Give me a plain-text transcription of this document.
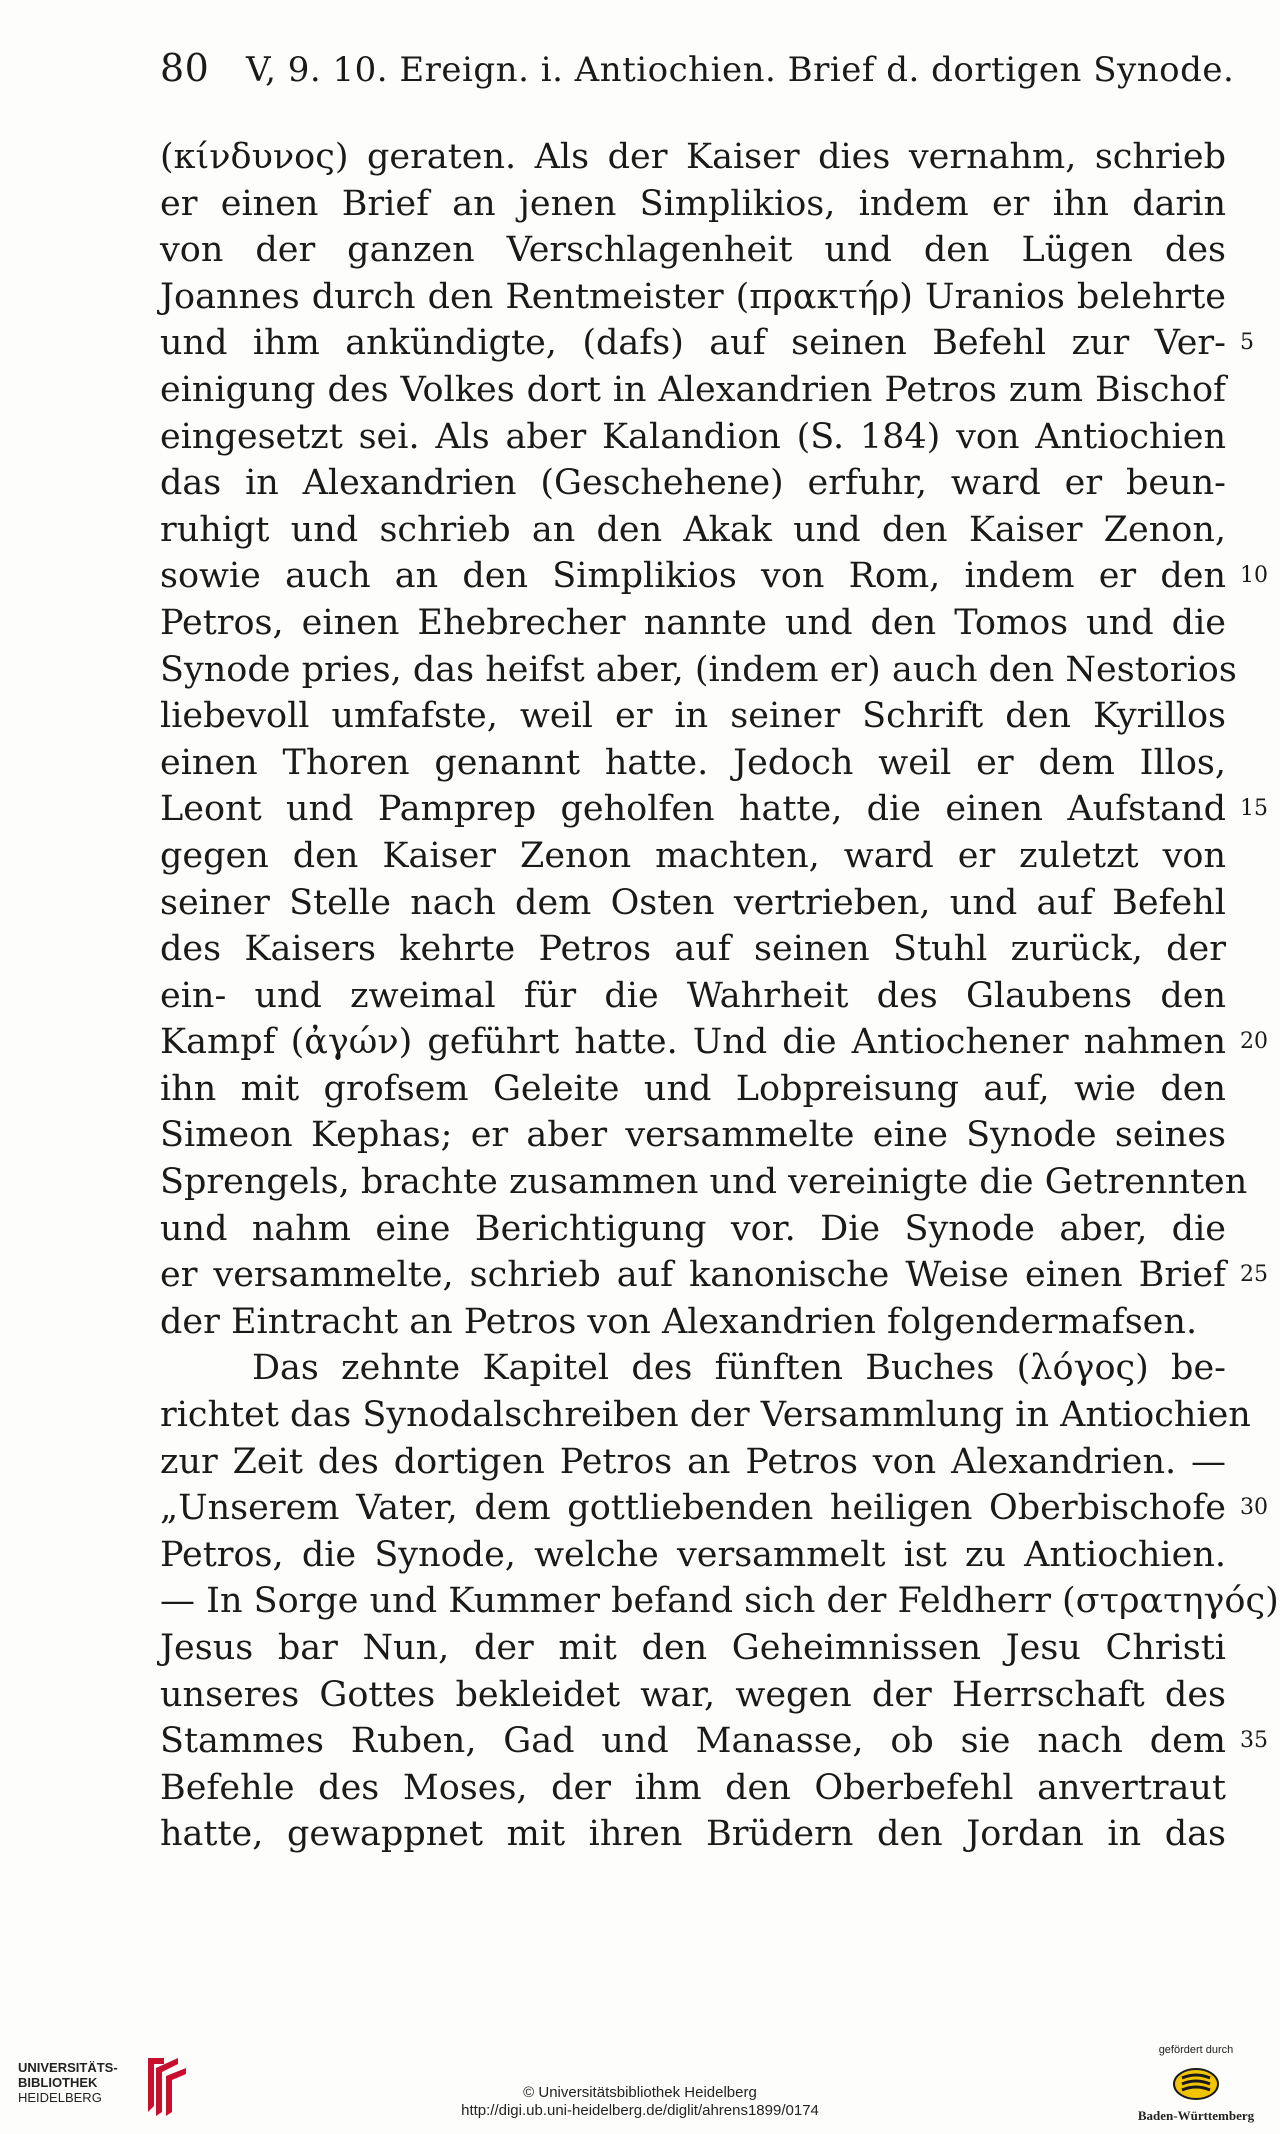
80 V, 9. 10. Ereign. i. Antiochien. Brief d. dortigen Synode.
(κίνδυνος) geraten. Als der Kaiser dies vernahm, schrieb
er einen Brief an jenen Simplikios, indem er ihn darin
von der ganzen Verschlagenheit und den Lügen des
Joannes durch den Rentmeister (πρακτήρ) Uranios belehrte
und ihm ankündigte, (dafs) auf seinen Befehl zur Ver- 5
einigung des Volkes dort in Alexandrien Petros zum Bischof
eingesetzt sei. Als aber Kalandion (S. 184) von Antiochien
das in Alexandrien (Geschehene) erfuhr, ward er beun-
ruhigt und schrieb an den Akak und den Kaiser Zenon,
sowie auch an den Simplikios von Rom, indem er den 10
Petros, einen Ehebrecher nannte und den Tomos und die
Synode pries, das heifst aber, (indem er) auch den Nestorios
liebevoll umfafste, weil er in seiner Schrift den Kyrillos
einen Thoren genannt hatte. Jedoch weil er dem Illos,
Leont und Pamprep geholfen hatte, die einen Aufstand 15
gegen den Kaiser Zenon machten, ward er zuletzt von
seiner Stelle nach dem Osten vertrieben, und auf Befehl
des Kaisers kehrte Petros auf seinen Stuhl zurück, der
ein- und zweimal für die Wahrheit des Glaubens den
Kampf (ἀγών) geführt hatte. Und die Antiochener nahmen 20
ihn mit grofsem Geleite und Lobpreisung auf, wie den
Simeon Kephas; er aber versammelte eine Synode seines
Sprengels, brachte zusammen und vereinigte die Getrennten
und nahm eine Berichtigung vor. Die Synode aber, die
er versammelte, schrieb auf kanonische Weise einen Brief 25
der Eintracht an Petros von Alexandrien folgendermafsen.
Das zehnte Kapitel des fünften Buches (λόγος) be-
richtet das Synodalschreiben der Versammlung in Antiochien
zur Zeit des dortigen Petros an Petros von Alexandrien. —
„Unserem Vater, dem gottliebenden heiligen Oberbischofe 30
Petros, die Synode, welche versammelt ist zu Antiochien.
— In Sorge und Kummer befand sich der Feldherr (στρατηγός)
Jesus bar Nun, der mit den Geheimnissen Jesu Christi
unseres Gottes bekleidet war, wegen der Herrschaft des
Stammes Ruben, Gad und Manasse, ob sie nach dem 35
Befehle des Moses, der ihm den Oberbefehl anvertraut
hatte, gewappnet mit ihren Brüdern den Jordan in das
UNIVERSITÄTS-
BIBLIOTHEK
HEIDELBERG	© Universitätsbibliothek Heidelberg
http://digi.ub.uni-heidelberg.de/diglit/ahrens1899/0174
gefördert durch
Baden-Württemberg
